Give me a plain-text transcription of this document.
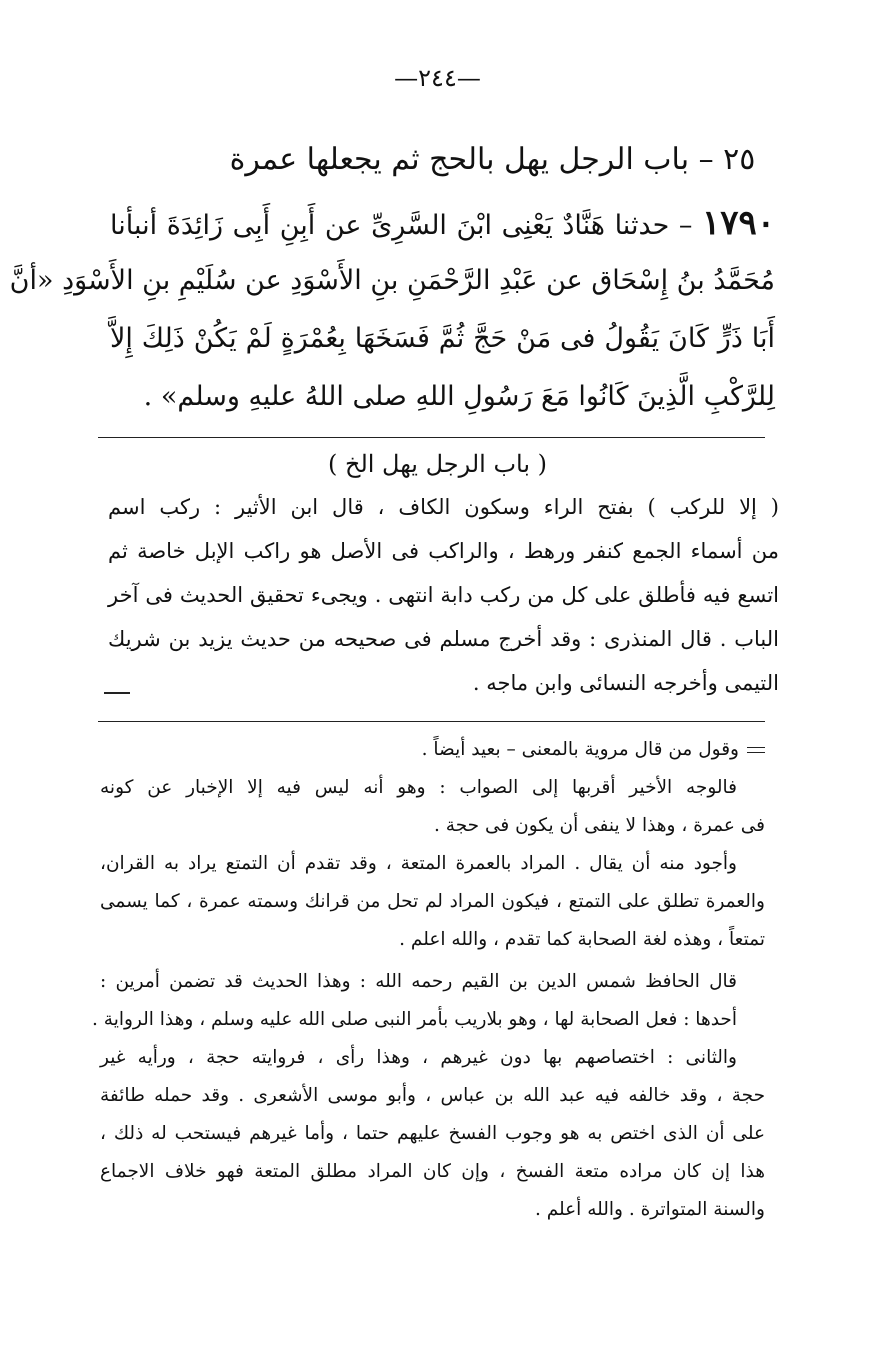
—٢٤٤—
٢٥ – باب الرجل يهل بالحج ثم يجعلها عمرة
١٧٩٠ – حدثنا هَنَّادٌ يَعْنِى ابْنَ السَّرِىِّ عن أَبِنِ أَبِى زَائِدَةَ أنبأنا
مُحَمَّدُ بنُ إِسْحَاق عن عَبْدِ الرَّحْمَنِ بنِ الأَسْوَدِ عن سُلَيْمِ بنِ الأَسْوَدِ «أنَّ
أَبَا ذَرٍّ كَانَ يَقُولُ فى مَنْ حَجَّ ثُمَّ فَسَخَهَا بِعُمْرَةٍ لَمْ يَكُنْ ذَلِكَ إِلاَّ
لِلرَّكْبِ الَّذِينَ كَانُوا مَعَ رَسُولِ اللهِ صلى اللهُ عليهِ وسلم» .
( باب الرجل يهل الخ )
( إلا للركب ) بفتح الراء وسكون الكاف ، قال ابن الأثير : ركب اسم
من أسماء الجمع كنفر ورهط ، والراكب فى الأصل هو راكب الإبل خاصة ثم
اتسع فيه فأطلق على كل من ركب دابة انتهى . ويجىء تحقيق الحديث فى آخر
الباب . قال المنذرى : وقد أخرج مسلم فى صحيحه من حديث يزيد بن شريك
التيمى وأخرجه النسائى وابن ماجه .
وقول من قال مروية بالمعنى – بعيد أيضاً .
فالوجه الأخير أقربها إلى الصواب : وهو أنه ليس فيه إلا الإخبار عن كونه
فى عمرة ، وهذا لا ينفى أن يكون فى حجة .
وأجود منه أن يقال . المراد بالعمرة المتعة ، وقد تقدم أن التمتع يراد به القران،
والعمرة تطلق على التمتع ، فيكون المراد لم تحل من قرانك وسمته عمرة ، كما يسمى
تمتعاً ، وهذه لغة الصحابة كما تقدم ، والله اعلم .
قال الحافظ شمس الدين بن القيم رحمه الله : وهذا الحديث قد تضمن أمرين :
أحدها : فعل الصحابة لها ، وهو بلاريب بأمر النبى صلى الله عليه وسلم ، وهذا الرواية .
والثانى : اختصاصهم بها دون غيرهم ، وهذا رأى ، فروايته حجة ، ورأيه غير
حجة ، وقد خالفه فيه عبد الله بن عباس ، وأبو موسى الأشعرى . وقد حمله طائفة
على أن الذى اختص به هو وجوب الفسخ عليهم حتما ، وأما غيرهم فيستحب له ذلك ،
هذا إن كان مراده متعة الفسخ ، وإن كان المراد مطلق المتعة فهو خلاف الاجماع
والسنة المتواترة . والله أعلم .
